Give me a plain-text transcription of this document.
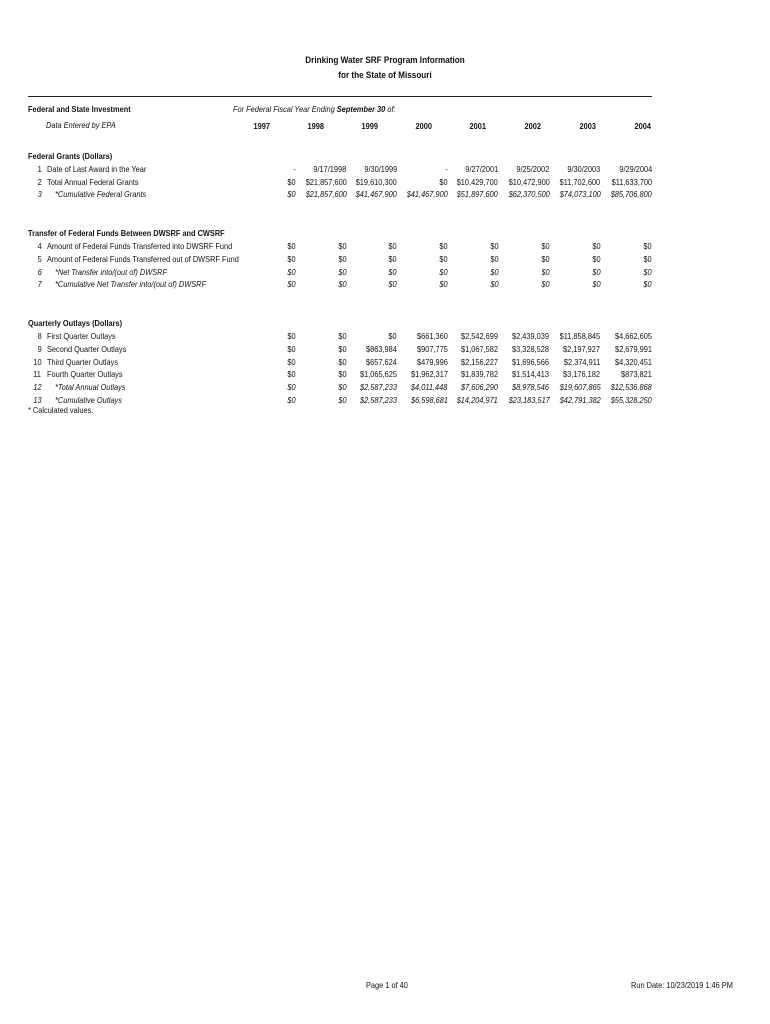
Drinking Water SRF Program Information
for the State of Missouri
Federal and State Investment
Data Entered by EPA
For Federal Fiscal Year Ending September 30 of:
1997	1998	1999	2000	2001	2002	2003	2004
Federal Grants (Dollars)									
1	Date of Last Award in the Year	-	9/17/1998	9/30/1999	-	9/27/2001	9/25/2002	9/30/2003	9/29/2004
2	Total Annual Federal Grants	$0	$21,857,600	$19,610,300	$0	$10,429,700	$10,472,900	$11,702,600	$11,633,700
3	*Cumulative Federal Grants	$0	$21,857,600	$41,467,900	$41,467,900	$51,897,600	$62,370,500	$74,073,100	$85,706,800

Transfer of Federal Funds Between DWSRF and CWSRF									
4	Amount of Federal Funds Transferred into DWSRF Fund	$0	$0	$0	$0	$0	$0	$0	$0
5	Amount of Federal Funds Transferred out of DWSRF Fund	$0	$0	$0	$0	$0	$0	$0	$0
6	*Net Transfer into/(out of) DWSRF	$0	$0	$0	$0	$0	$0	$0	$0
7	*Cumulative Net Transfer into/(out of) DWSRF	$0	$0	$0	$0	$0	$0	$0	$0

Quarterly Outlays (Dollars)									
8	First Quarter Outlays	$0	$0	$0	$661,360	$2,542,699	$2,439,039	$11,858,845	$4,662,605
9	Second Quarter Outlays	$0	$0	$863,984	$907,775	$1,067,582	$3,328,528	$2,197,927	$2,679,991
10	Third Quarter Outlays	$0	$0	$657,624	$479,996	$2,156,227	$1,696,566	$2,374,911	$4,320,451
11	Fourth Quarter Outlays	$0	$0	$1,065,625	$1,962,317	$1,839,782	$1,514,413	$3,176,182	$873,821
12	*Total Annual Outlays	$0	$0	$2,587,233	$4,011,448	$7,606,290	$8,978,546	$19,607,865	$12,536,868
13	*Cumulative Outlays	$0	$0	$2,587,233	$6,598,681	$14,204,971	$23,183,517	$42,791,382	$55,328,250
* Calculated values.
Page 1 of 40	Run Date: 10/23/2019 1:46 PM
